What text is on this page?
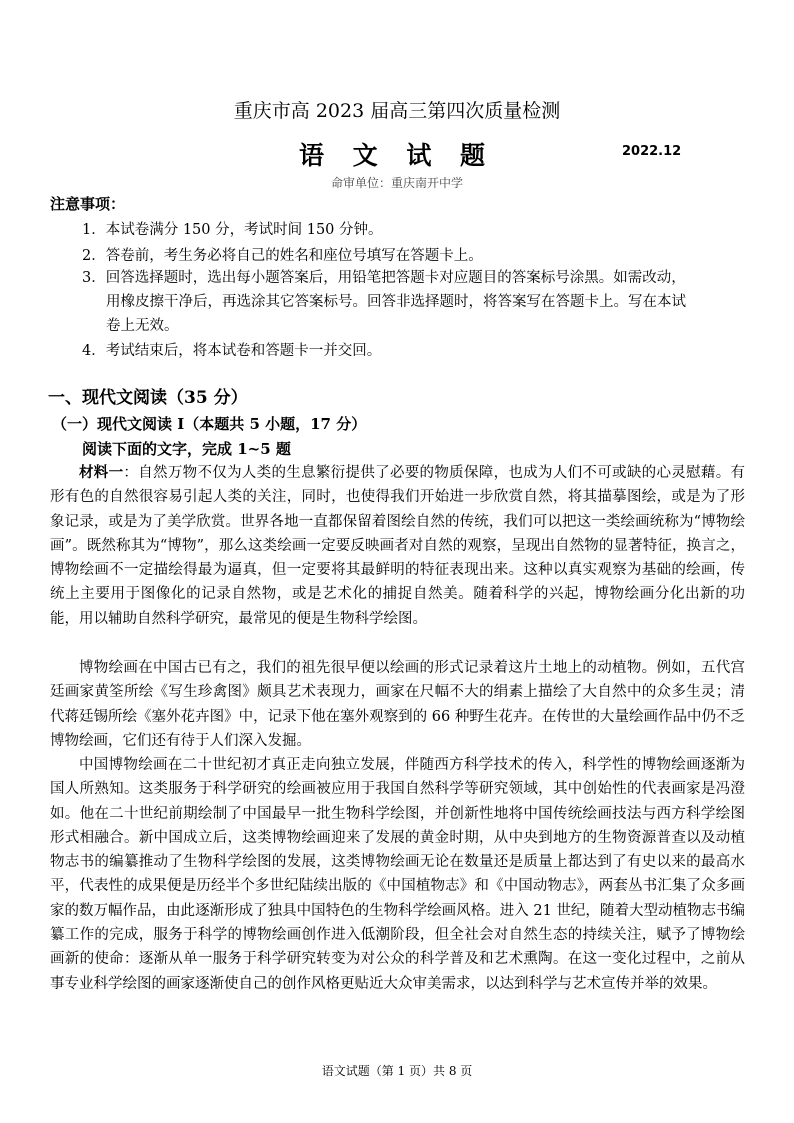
重庆市高 2023 届高三第四次质量检测
语 文 试 题	2022.12
命审单位：重庆南开中学
注意事项：
1．本试卷满分 150 分，考试时间 150 分钟。
2．答卷前，考生务必将自己的姓名和座位号填写在答题卡上。
3．回答选择题时，选出每小题答案后，用铅笔把答题卡对应题目的答案标号涂黑。如需改动，
用橡皮擦干净后，再选涂其它答案标号。回答非选择题时，将答案写在答题卡上。写在本试
卷上无效。
4．考试结束后，将本试卷和答题卡一并交回。
一、现代文阅读（35 分）
（一）现代文阅读 I（本题共 5 小题，17 分）
阅读下面的文字，完成 1~5 题

材料一：自然万物不仅为人类的生息繁衍提供了必要的物质保障，也成为人们不可或缺的心灵慰藉。有形有色的自然很容易引起人类的关注，同时，也使得我们开始进一步欣赏自然，将其描摹图绘，或是为了形象记录，或是为了美学欣赏。世界各地一直都保留着图绘自然的传统，我们可以把这一类绘画统称为“博物绘画”。既然称其为“博物”，那么这类绘画一定要反映画者对自然的观察，呈现出自然物的显著特征，换言之，博物绘画不一定描绘得最为逼真，但一定要将其最鲜明的特征表现出来。这种以真实观察为基础的绘画，传统上主要用于图像化的记录自然物，或是艺术化的捕捉自然美。随着科学的兴起，博物绘画分化出新的功能，用以辅助自然科学研究，最常见的便是生物科学绘图。

博物绘画在中国古已有之，我们的祖先很早便以绘画的形式记录着这片土地上的动植物。例如，五代宫廷画家黄筌所绘《写生珍禽图》颇具艺术表现力，画家在尺幅不大的绢素上描绘了大自然中的众多生灵；清代蒋廷锡所绘《塞外花卉图》中，记录下他在塞外观察到的 66 种野生花卉。在传世的大量绘画作品中仍不乏博物绘画，它们还有待于人们深入发掘。

中国博物绘画在二十世纪初才真正走向独立发展，伴随西方科学技术的传入，科学性的博物绘画逐渐为国人所熟知。这类服务于科学研究的绘画被应用于我国自然科学等研究领域，其中创始性的代表画家是冯澄如。他在二十世纪前期绘制了中国最早一批生物科学绘图，并创新性地将中国传统绘画技法与西方科学绘图形式相融合。新中国成立后，这类博物绘画迎来了发展的黄金时期，从中央到地方的生物资源普查以及动植物志书的编纂推动了生物科学绘图的发展，这类博物绘画无论在数量还是质量上都达到了有史以来的最高水平，代表性的成果便是历经半个多世纪陆续出版的《中国植物志》和《中国动物志》，两套丛书汇集了众多画家的数万幅作品，由此逐渐形成了独具中国特色的生物科学绘画风格。进入 21 世纪，随着大型动植物志书编纂工作的完成，服务于科学的博物绘画创作进入低潮阶段，但全社会对自然生态的持续关注，赋予了博物绘画新的使命：逐渐从单一服务于科学研究转变为对公众的科学普及和艺术熏陶。在这一变化过程中，之前从事专业科学绘图的画家逐渐使自己的创作风格更贴近大众审美需求，以达到科学与艺术宣传并举的效果。

语文试题（第 1 页）共 8 页
